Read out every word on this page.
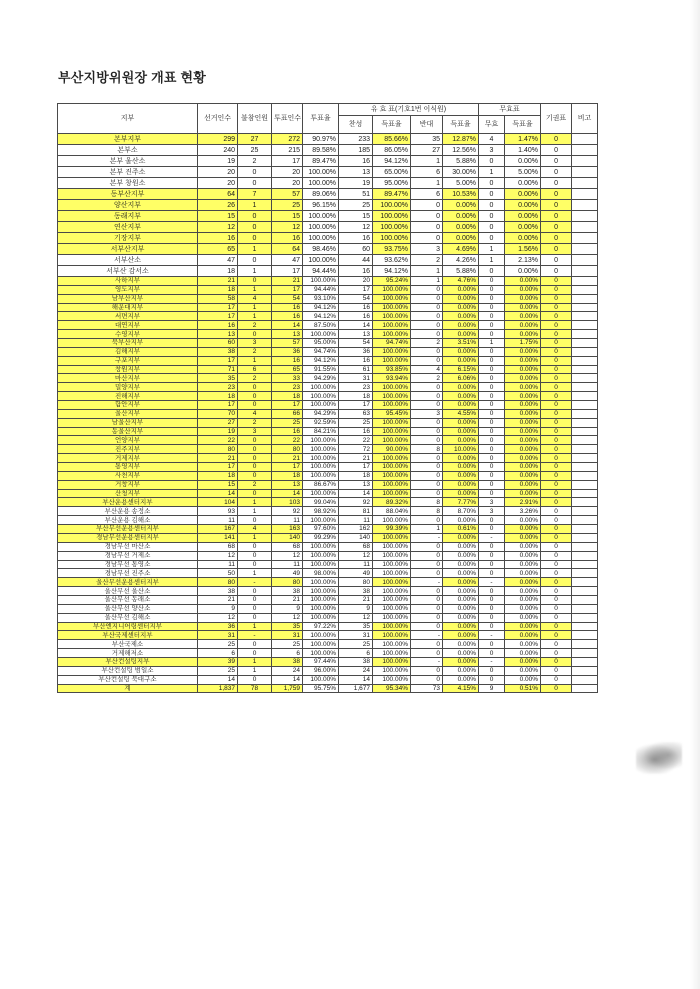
부산지방위원장 개표 현황
지부	선거인수	불참인원	투표인수	투표율	유 효 표(기호1번 이식원)				무효표		기권표	비고
					찬성	득표율	반대	득표율	무효	득표율		
본부지부	299	27	272	90.97%	233	85.66%	35	12.87%	4	1.47%	0	
본부소	240	25	215	89.58%	185	86.05%	27	12.56%	3	1.40%	0	
본부 울산소	19	2	17	89.47%	16	94.12%	1	5.88%	0	0.00%	0	
본부 진주소	20	0	20	100.00%	13	65.00%	6	30.00%	1	5.00%	0	
본부 창원소	20	0	20	100.00%	19	95.00%	1	5.00%	0	0.00%	0	
동부산지부	64	7	57	89.06%	51	89.47%	6	10.53%	0	0.00%	0	
양산지부	26	1	25	96.15%	25	100.00%	0	0.00%	0	0.00%	0	
동래지부	15	0	15	100.00%	15	100.00%	0	0.00%	0	0.00%	0	
연산지부	12	0	12	100.00%	12	100.00%	0	0.00%	0	0.00%	0	
기장지부	16	0	16	100.00%	16	100.00%	0	0.00%	0	0.00%	0	
서부산지부	65	1	64	98.46%	60	93.75%	3	4.69%	1	1.56%	0	
서부산소	47	0	47	100.00%	44	93.62%	2	4.26%	1	2.13%	0	
서부산 감서소	18	1	17	94.44%	16	94.12%	1	5.88%	0	0.00%	0	
사하지부	21	0	21	100.00%	20	95.24%	1	4.76%	0	0.00%	0	
영도지부	18	1	17	94.44%	17	100.00%	0	0.00%	0	0.00%	0	
남부산지부	58	4	54	93.10%	54	100.00%	0	0.00%	0	0.00%	0	
해운대지부	17	1	16	94.12%	16	100.00%	0	0.00%	0	0.00%	0	
서면지부	17	1	16	94.12%	16	100.00%	0	0.00%	0	0.00%	0	
대연지부	16	2	14	87.50%	14	100.00%	0	0.00%	0	0.00%	0	
수영지부	13	0	13	100.00%	13	100.00%	0	0.00%	0	0.00%	0	
북부산지부	60	3	57	95.00%	54	94.74%	2	3.51%	1	1.75%	0	
김해지부	38	2	36	94.74%	36	100.00%	0	0.00%	0	0.00%	0	
구포지부	17	1	16	94.12%	16	100.00%	0	0.00%	0	0.00%	0	
창원지부	71	6	65	91.55%	61	93.85%	4	6.15%	0	0.00%	0	
마산지부	35	2	33	94.29%	31	93.94%	2	6.06%	0	0.00%	0	
밀양지부	23	0	23	100.00%	23	100.00%	0	0.00%	0	0.00%	0	
진해지부	18	0	18	100.00%	18	100.00%	0	0.00%	0	0.00%	0	
함안지부	17	0	17	100.00%	17	100.00%	0	0.00%	0	0.00%	0	
울산지부	70	4	66	94.29%	63	95.45%	3	4.55%	0	0.00%	0	
남울산지부	27	2	25	92.59%	25	100.00%	0	0.00%	0	0.00%	0	
동울산지부	19	3	16	84.21%	16	100.00%	0	0.00%	0	0.00%	0	
언양지부	22	0	22	100.00%	22	100.00%	0	0.00%	0	0.00%	0	
진주지부	80	0	80	100.00%	72	90.00%	8	10.00%	0	0.00%	0	
거제지부	21	0	21	100.00%	21	100.00%	0	0.00%	0	0.00%	0	
통영지부	17	0	17	100.00%	17	100.00%	0	0.00%	0	0.00%	0	
사천지부	18	0	18	100.00%	18	100.00%	0	0.00%	0	0.00%	0	
거창지부	15	2	13	86.67%	13	100.00%	0	0.00%	0	0.00%	0	
산청지부	14	0	14	100.00%	14	100.00%	0	0.00%	0	0.00%	0	
부산운용센터지부	104	1	103	99.04%	92	89.32%	8	7.77%	3	2.91%	0	
부산운용 송정소	93	1	92	98.92%	81	88.04%	8	8.70%	3	3.26%	0	
부산운용 김해소	11	0	11	100.00%	11	100.00%	0	0.00%	0	0.00%	0	
부산무선운용센터지부	167	4	163	97.60%	162	99.39%	1	0.61%	0	0.00%	0	
경남무선운용센터지부	141	1	140	99.29%	140	100.00%	-	0.00%	-	0.00%	0	
경남무선 마산소	68	0	68	100.00%	68	100.00%	0	0.00%	0	0.00%	0	
경남무선 거제소	12	0	12	100.00%	12	100.00%	0	0.00%	0	0.00%	0	
경남무선 통영소	11	0	11	100.00%	11	100.00%	0	0.00%	0	0.00%	0	
경남무선 진주소	50	1	49	98.00%	49	100.00%	0	0.00%	0	0.00%	0	
울산무선운용센터지부	80	-	80	100.00%	80	100.00%	-	0.00%	-	0.00%	0	
울산무선 울산소	38	0	38	100.00%	38	100.00%	0	0.00%	0	0.00%	0	
울산무선 동래소	21	0	21	100.00%	21	100.00%	0	0.00%	0	0.00%	0	
울산무선 양산소	9	0	9	100.00%	9	100.00%	0	0.00%	0	0.00%	0	
울산무선 김해소	12	0	12	100.00%	12	100.00%	0	0.00%	0	0.00%	0	
부산엔지니어링센터지부	36	1	35	97.22%	35	100.00%	0	0.00%	0	0.00%	0	
부산국제센터지부	31	-	31	100.00%	31	100.00%	-	0.00%	-	0.00%	0	
부산국제소	25	0	25	100.00%	25	100.00%	0	0.00%	0	0.00%	0	
거제해저소	6	0	6	100.00%	6	100.00%	0	0.00%	0	0.00%	0	
부산컨설팅지부	39	1	38	97.44%	38	100.00%	-	0.00%	-	0.00%	0	
부산컨설팅 범일소	25	1	24	96.00%	24	100.00%	0	0.00%	0	0.00%	0	
부산컨설팅 북대구소	14	0	14	100.00%	14	100.00%	0	0.00%	0	0.00%	0	
계	1,837	78	1,759	95.75%	1,677	95.34%	73	4.15%	9	0.51%	0	
